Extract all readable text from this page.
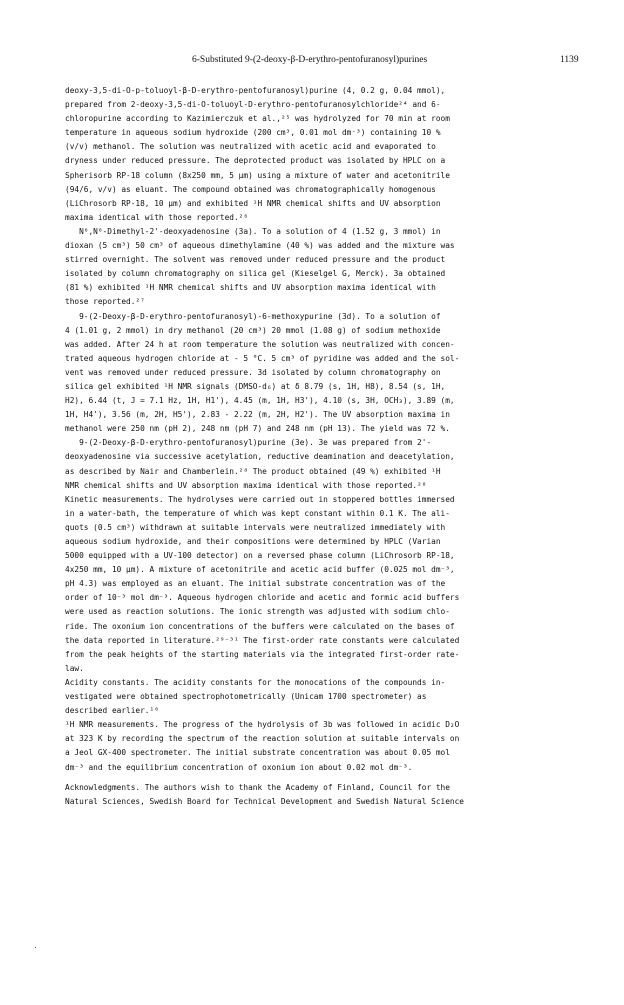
6-Substituted 9-(2-deoxy-β-D-erythro-pentofuranosyl)purines	1139
deoxy-3,5-di-O-p-toluoyl-β-D-erythro-pentofuranosyl)purine (4, 0.2 g, 0.04 mmol),
prepared from 2-deoxy-3,5-di-O-toluoyl-D-erythro-pentofuranosylchloride²⁴ and 6-
chloropurine according to Kazimierczuk et al.,²⁵ was hydrolyzed for 70 min at room
temperature in aqueous sodium hydroxide (200 cm³, 0.01 mol dm⁻³) containing 10 %
(v/v) methanol. The solution was neutralized with acetic acid and evaporated to
dryness under reduced pressure. The deprotected product was isolated by HPLC on a
Spherisorb RP-18 column (8x250 mm, 5 μm) using a mixture of water and acetonitrile
(94/6, v/v) as eluant. The compound obtained was chromatographically homogenous
(LiChrosorb RP-18, 10 μm) and exhibited ¹H NMR chemical shifts and UV absorption
maxima identical with those reported.²⁶
N⁶,N⁶-Dimethyl-2'-deoxyadenosine (3a). To a solution of 4 (1.52 g, 3 mmol) in
dioxan (5 cm³) 50 cm³ of aqueous dimethylamine (40 %) was added and the mixture was
stirred overnight. The solvent was removed under reduced pressure and the product
isolated by column chromatography on silica gel (Kieselgel G, Merck). 3a obtained
(81 %) exhibited ¹H NMR chemical shifts and UV absorption maxima identical with
those reported.²⁷
9-(2-Deoxy-β-D-erythro-pentofuranosyl)-6-methoxypurine (3d). To a solution of
4 (1.01 g, 2 mmol) in dry methanol (20 cm³) 20 mmol (1.08 g) of sodium methoxide
was added. After 24 h at room temperature the solution was neutralized with concen-
trated aqueous hydrogen chloride at - 5 °C. 5 cm³ of pyridine was added and the sol-
vent was removed under reduced pressure. 3d isolated by column chromatography on
silica gel exhibited ¹H NMR signals (DMSO-d₆) at δ 8.79 (s, 1H, H8), 8.54 (s, 1H,
H2), 6.44 (t, J = 7.1 Hz, 1H, H1'), 4.45 (m, 1H, H3'), 4.10 (s, 3H, OCH₃), 3.89 (m,
1H, H4'), 3.56 (m, 2H, H5'), 2.83 - 2.22 (m, 2H, H2'). The UV absorption maxima in
methanol were 250 nm (pH 2), 248 nm (pH 7) and 248 nm (pH 13). The yield was 72 %.
9-(2-Deoxy-β-D-erythro-pentofuranosyl)purine (3e). 3e was prepared from 2'-
deoxyadenosine via successive acetylation, reductive deamination and deacetylation,
as described by Nair and Chamberlein.²⁸ The product obtained (49 %) exhibited ¹H
NMR chemical shifts and UV absorption maxima identical with those reported.²⁸
Kinetic measurements. The hydrolyses were carried out in stoppered bottles immersed
in a water-bath, the temperature of which was kept constant within 0.1 K. The ali-
quots (0.5 cm³) withdrawn at suitable intervals were neutralized immediately with
aqueous sodium hydroxide, and their compositions were determined by HPLC (Varian
5000 equipped with a UV-100 detector) on a reversed phase column (LiChrosorb RP-18,
4x250 mm, 10 μm). A mixture of acetonitrile and acetic acid buffer (0.025 mol dm⁻³,
pH 4.3) was employed as an eluant. The initial substrate concentration was of the
order of 10⁻³ mol dm⁻³. Aqueous hydrogen chloride and acetic and formic acid buffers
were used as reaction solutions. The ionic strength was adjusted with sodium chlo-
ride. The oxonium ion concentrations of the buffers were calculated on the bases of
the data reported in literature.²⁹⁻³¹ The first-order rate constants were calculated
from the peak heights of the starting materials via the integrated first-order rate-
law.
Acidity constants. The acidity constants for the monocations of the compounds in-
vestigated were obtained spectrophotometrically (Unicam 1700 spectrometer) as
described earlier.¹⁶
¹H NMR measurements. The progress of the hydrolysis of 3b was followed in acidic D₂O
at 323 K by recording the spectrum of the reaction solution at suitable intervals on
a Jeol GX-400 spectrometer. The initial substrate concentration was about 0.05 mol
dm⁻³ and the equilibrium concentration of oxonium ion about 0.02 mol dm⁻³.
Acknowledgments. The authors wish to thank the Academy of Finland, Council for the
Natural Sciences, Swedish Board for Technical Development and Swedish Natural Science
